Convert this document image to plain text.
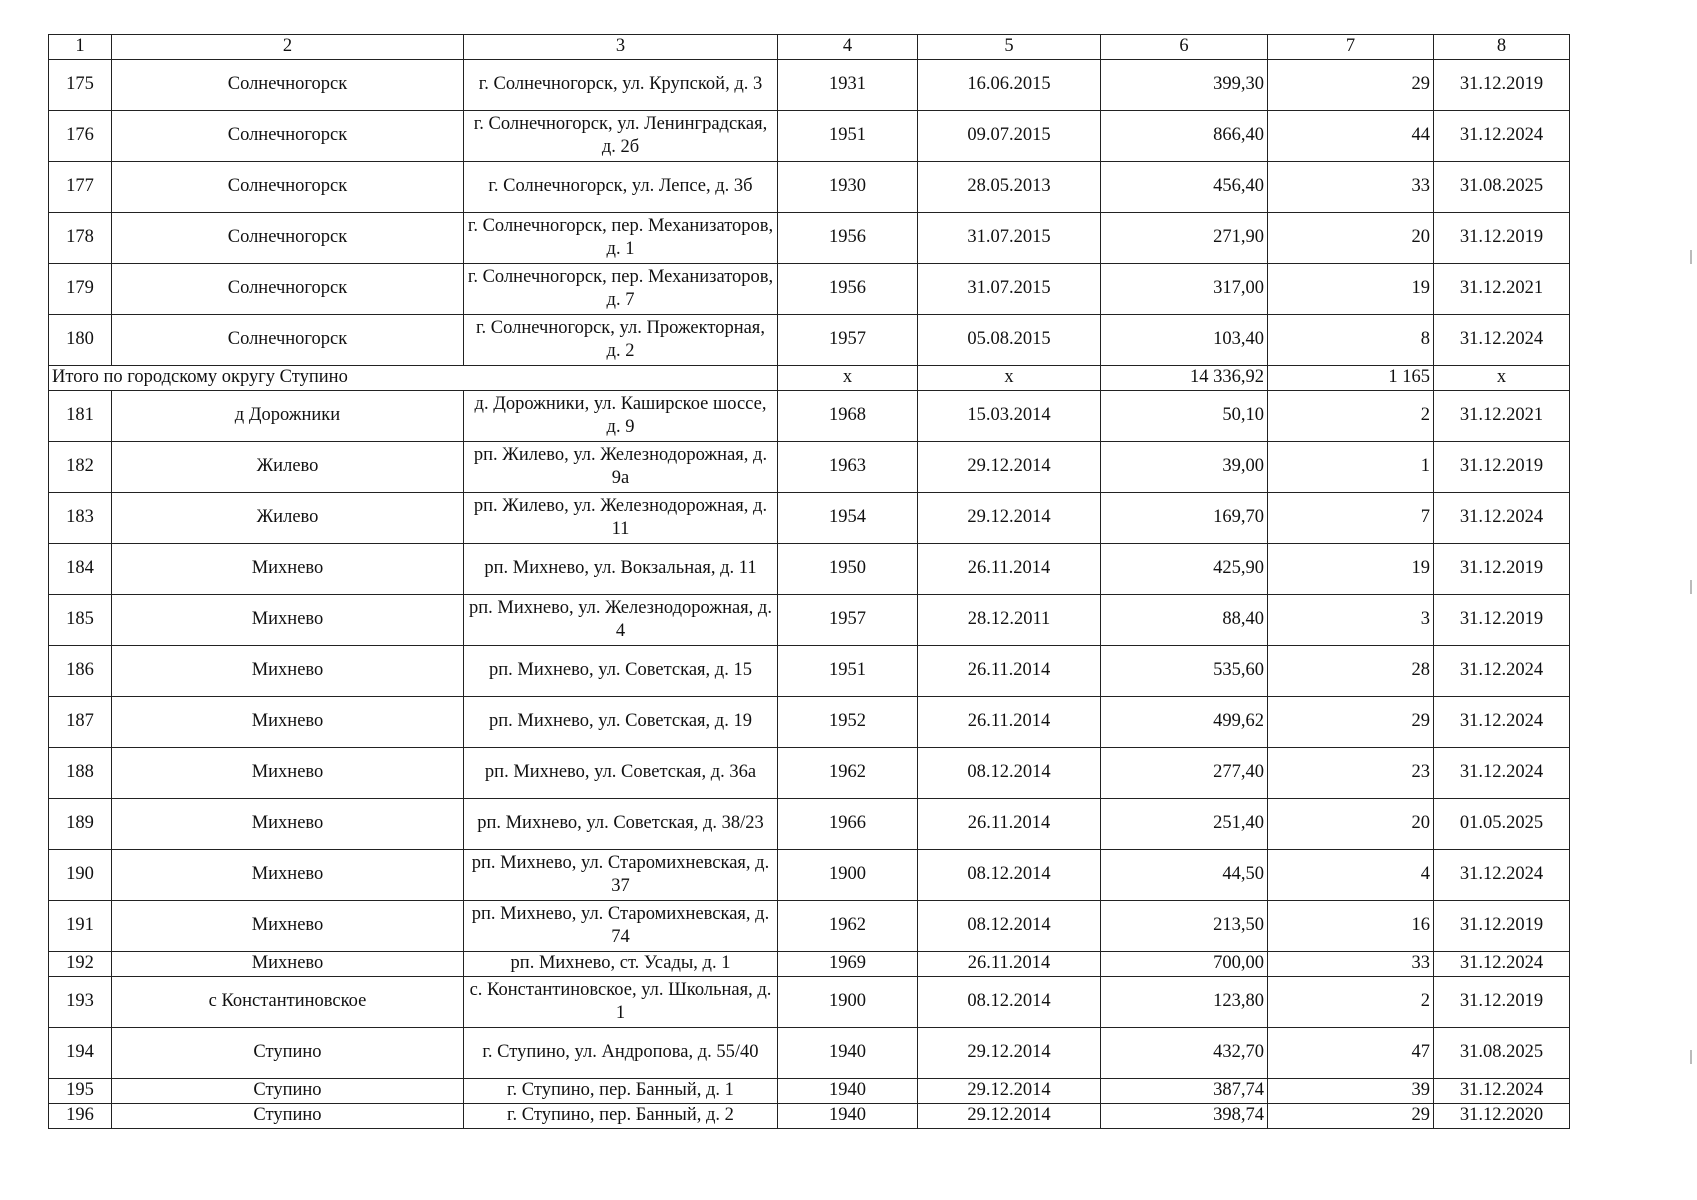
1	2	3	4	5	6	7	8
175	Солнечногорск	г. Солнечногорск, ул. Крупской, д. 3	1931	16.06.2015	399,30	29	31.12.2019
176	Солнечногорск	г. Солнечногорск, ул. Ленинградская, д. 2б	1951	09.07.2015	866,40	44	31.12.2024
177	Солнечногорск	г. Солнечногорск, ул. Лепсе, д. 3б	1930	28.05.2013	456,40	33	31.08.2025
178	Солнечногорск	г. Солнечногорск, пер. Механизаторов, д. 1	1956	31.07.2015	271,90	20	31.12.2019
179	Солнечногорск	г. Солнечногорск, пер. Механизаторов, д. 7	1956	31.07.2015	317,00	19	31.12.2021
180	Солнечногорск	г. Солнечногорск, ул. Прожекторная, д. 2	1957	05.08.2015	103,40	8	31.12.2024
Итого по городскому округу Ступино			х	х	14 336,92	1 165	х
181	д Дорожники	д. Дорожники, ул. Каширское шоссе, д. 9	1968	15.03.2014	50,10	2	31.12.2021
182	Жилево	рп. Жилево, ул. Железнодорожная, д. 9а	1963	29.12.2014	39,00	1	31.12.2019
183	Жилево	рп. Жилево, ул. Железнодорожная, д. 11	1954	29.12.2014	169,70	7	31.12.2024
184	Михнево	рп. Михнево, ул. Вокзальная, д. 11	1950	26.11.2014	425,90	19	31.12.2019
185	Михнево	рп. Михнево, ул. Железнодорожная, д. 4	1957	28.12.2011	88,40	3	31.12.2019
186	Михнево	рп. Михнево, ул. Советская, д. 15	1951	26.11.2014	535,60	28	31.12.2024
187	Михнево	рп. Михнево, ул. Советская, д. 19	1952	26.11.2014	499,62	29	31.12.2024
188	Михнево	рп. Михнево, ул. Советская, д. 36а	1962	08.12.2014	277,40	23	31.12.2024
189	Михнево	рп. Михнево, ул. Советская, д. 38/23	1966	26.11.2014	251,40	20	01.05.2025
190	Михнево	рп. Михнево, ул. Старомихневская, д. 37	1900	08.12.2014	44,50	4	31.12.2024
191	Михнево	рп. Михнево, ул. Старомихневская, д. 74	1962	08.12.2014	213,50	16	31.12.2019
192	Михнево	рп. Михнево, ст. Усады, д. 1	1969	26.11.2014	700,00	33	31.12.2024
193	с Константиновское	с. Константиновское, ул. Школьная, д. 1	1900	08.12.2014	123,80	2	31.12.2019
194	Ступино	г. Ступино, ул. Андропова, д. 55/40	1940	29.12.2014	432,70	47	31.08.2025
195	Ступино	г. Ступино, пер. Банный, д. 1	1940	29.12.2014	387,74	39	31.12.2024
196	Ступино	г. Ступино, пер. Банный, д. 2	1940	29.12.2014	398,74	29	31.12.2020
